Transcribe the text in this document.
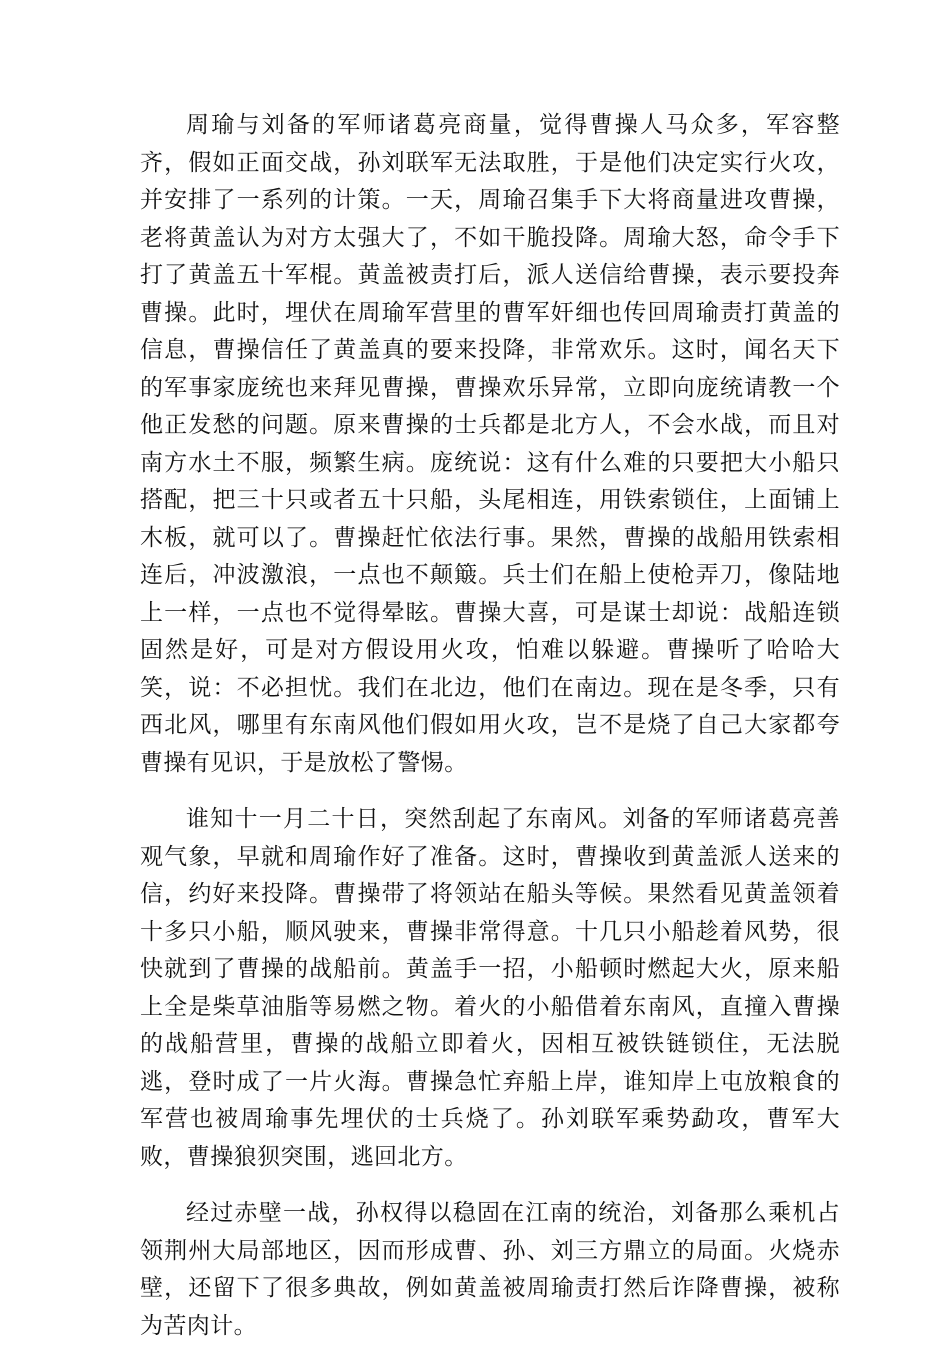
周瑜与刘备的军师诸葛亮商量，觉得曹操人马众多，军容整齐，假如正面交战，孙刘联军无法取胜，于是他们决定实行火攻，并安排了一系列的计策。一天，周瑜召集手下大将商量进攻曹操，老将黄盖认为对方太强大了，不如干脆投降。周瑜大怒，命令手下打了黄盖五十军棍。黄盖被责打后，派人送信给曹操，表示要投奔曹操。此时，埋伏在周瑜军营里的曹军奸细也传回周瑜责打黄盖的信息，曹操信任了黄盖真的要来投降，非常欢乐。这时，闻名天下的军事家庞统也来拜见曹操，曹操欢乐异常，立即向庞统请教一个他正发愁的问题。原来曹操的士兵都是北方人，不会水战，而且对南方水土不服，频繁生病。庞统说：这有什么难的只要把大小船只搭配，把三十只或者五十只船，头尾相连，用铁索锁住，上面铺上木板，就可以了。曹操赶忙依法行事。果然，曹操的战船用铁索相连后，冲波激浪，一点也不颠簸。兵士们在船上使枪弄刀，像陆地上一样，一点也不觉得晕眩。曹操大喜，可是谋士却说：战船连锁固然是好，可是对方假设用火攻，怕难以躲避。曹操听了哈哈大笑，说：不必担忧。我们在北边，他们在南边。现在是冬季，只有西北风，哪里有东南风他们假如用火攻，岂不是烧了自己大家都夸曹操有见识，于是放松了警惕。

谁知十一月二十日，突然刮起了东南风。刘备的军师诸葛亮善观气象，早就和周瑜作好了准备。这时，曹操收到黄盖派人送来的信，约好来投降。曹操带了将领站在船头等候。果然看见黄盖领着十多只小船，顺风驶来，曹操非常得意。十几只小船趁着风势，很快就到了曹操的战船前。黄盖手一招，小船顿时燃起大火，原来船上全是柴草油脂等易燃之物。着火的小船借着东南风，直撞入曹操的战船营里，曹操的战船立即着火，因相互被铁链锁住，无法脱逃，登时成了一片火海。曹操急忙弃船上岸，谁知岸上屯放粮食的军营也被周瑜事先埋伏的士兵烧了。孙刘联军乘势勐攻，曹军大败，曹操狼狈突围，逃回北方。

经过赤壁一战，孙权得以稳固在江南的统治，刘备那么乘机占领荆州大局部地区，因而形成曹、孙、刘三方鼎立的局面。火烧赤壁，还留下了很多典故，例如黄盖被周瑜责打然后诈降曹操，被称为苦肉计。
